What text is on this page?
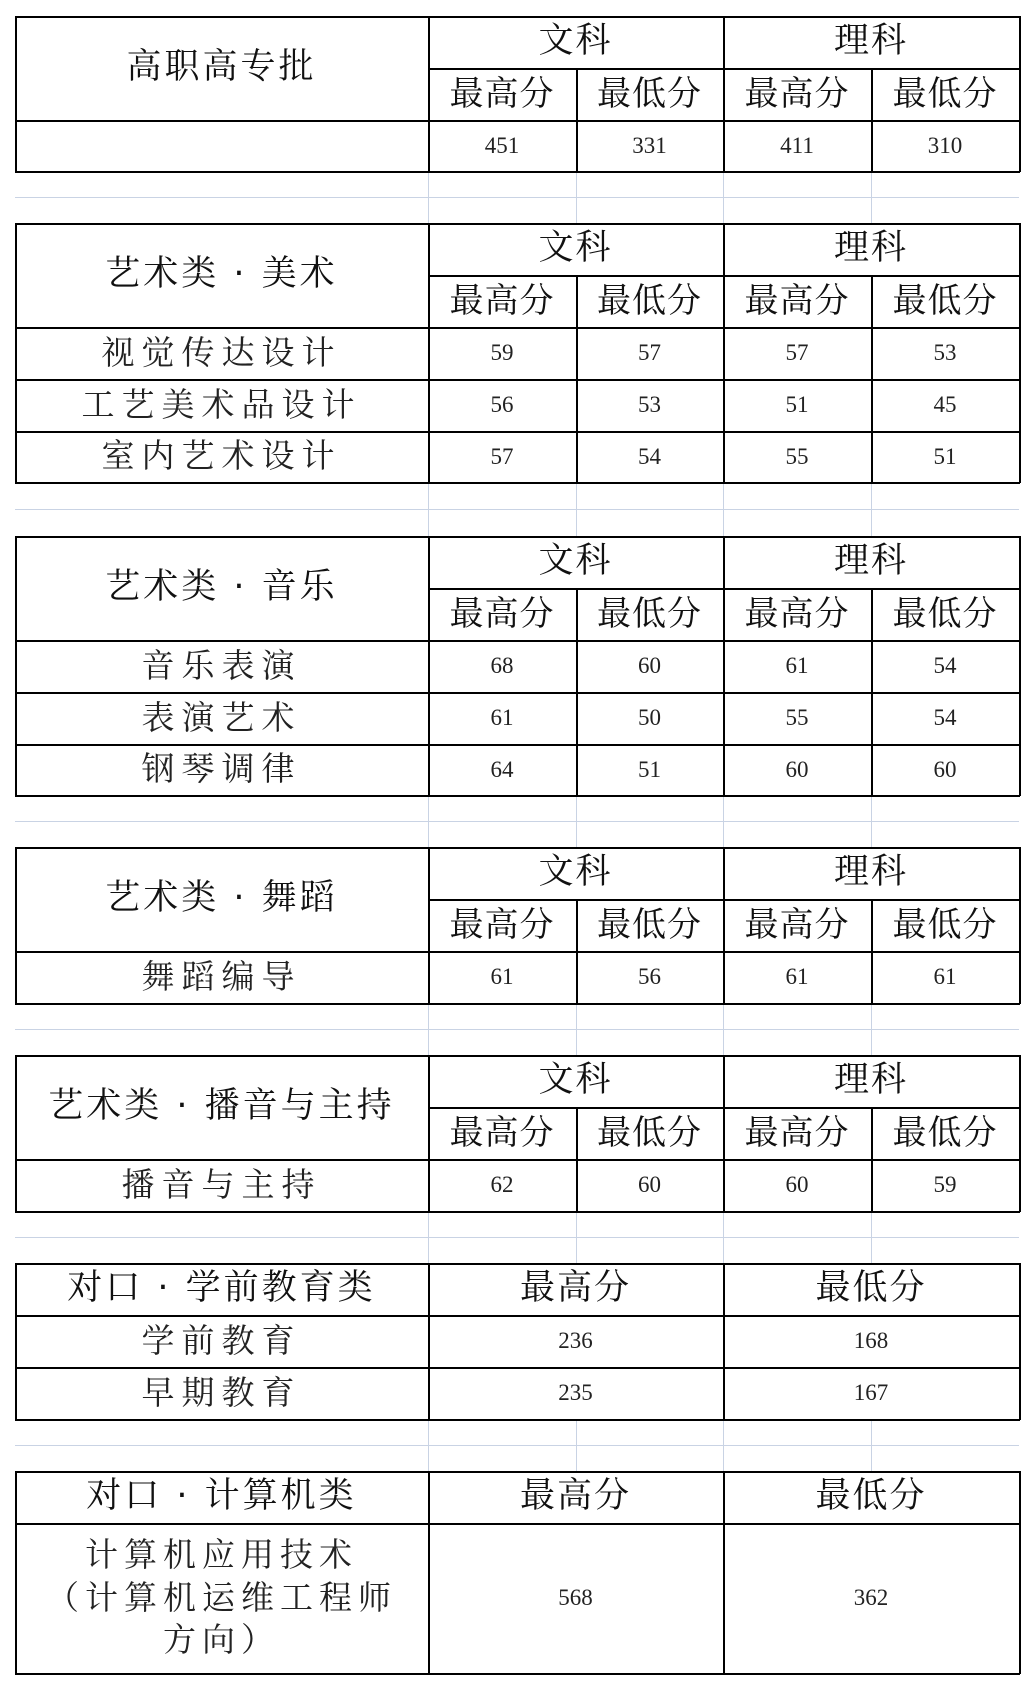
高职高专批
文科	理科
最高分	最低分	最高分	最低分
451	331	411	310
艺术类 · 美术
文科	理科
最高分	最低分	最高分	最低分
视觉传达设计	59	57	57	53
工艺美术品设计	56	53	51	45
室内艺术设计	57	54	55	51
艺术类 · 音乐
文科	理科
最高分	最低分	最高分	最低分
音乐表演	68	60	61	54
表演艺术	61	50	55	54
钢琴调律	64	51	60	60
艺术类 · 舞蹈
文科	理科
最高分	最低分	最高分	最低分
舞蹈编导	61	56	61	61
艺术类 · 播音与主持
文科	理科
最高分	最低分	最高分	最低分
播音与主持	62	60	60	59
对口 · 学前教育类	最高分	最低分
学前教育	236	168
早期教育	235	167
对口 · 计算机类	最高分	最低分
计算机应用技术
（计算机运维工程师
方向）
568	362
